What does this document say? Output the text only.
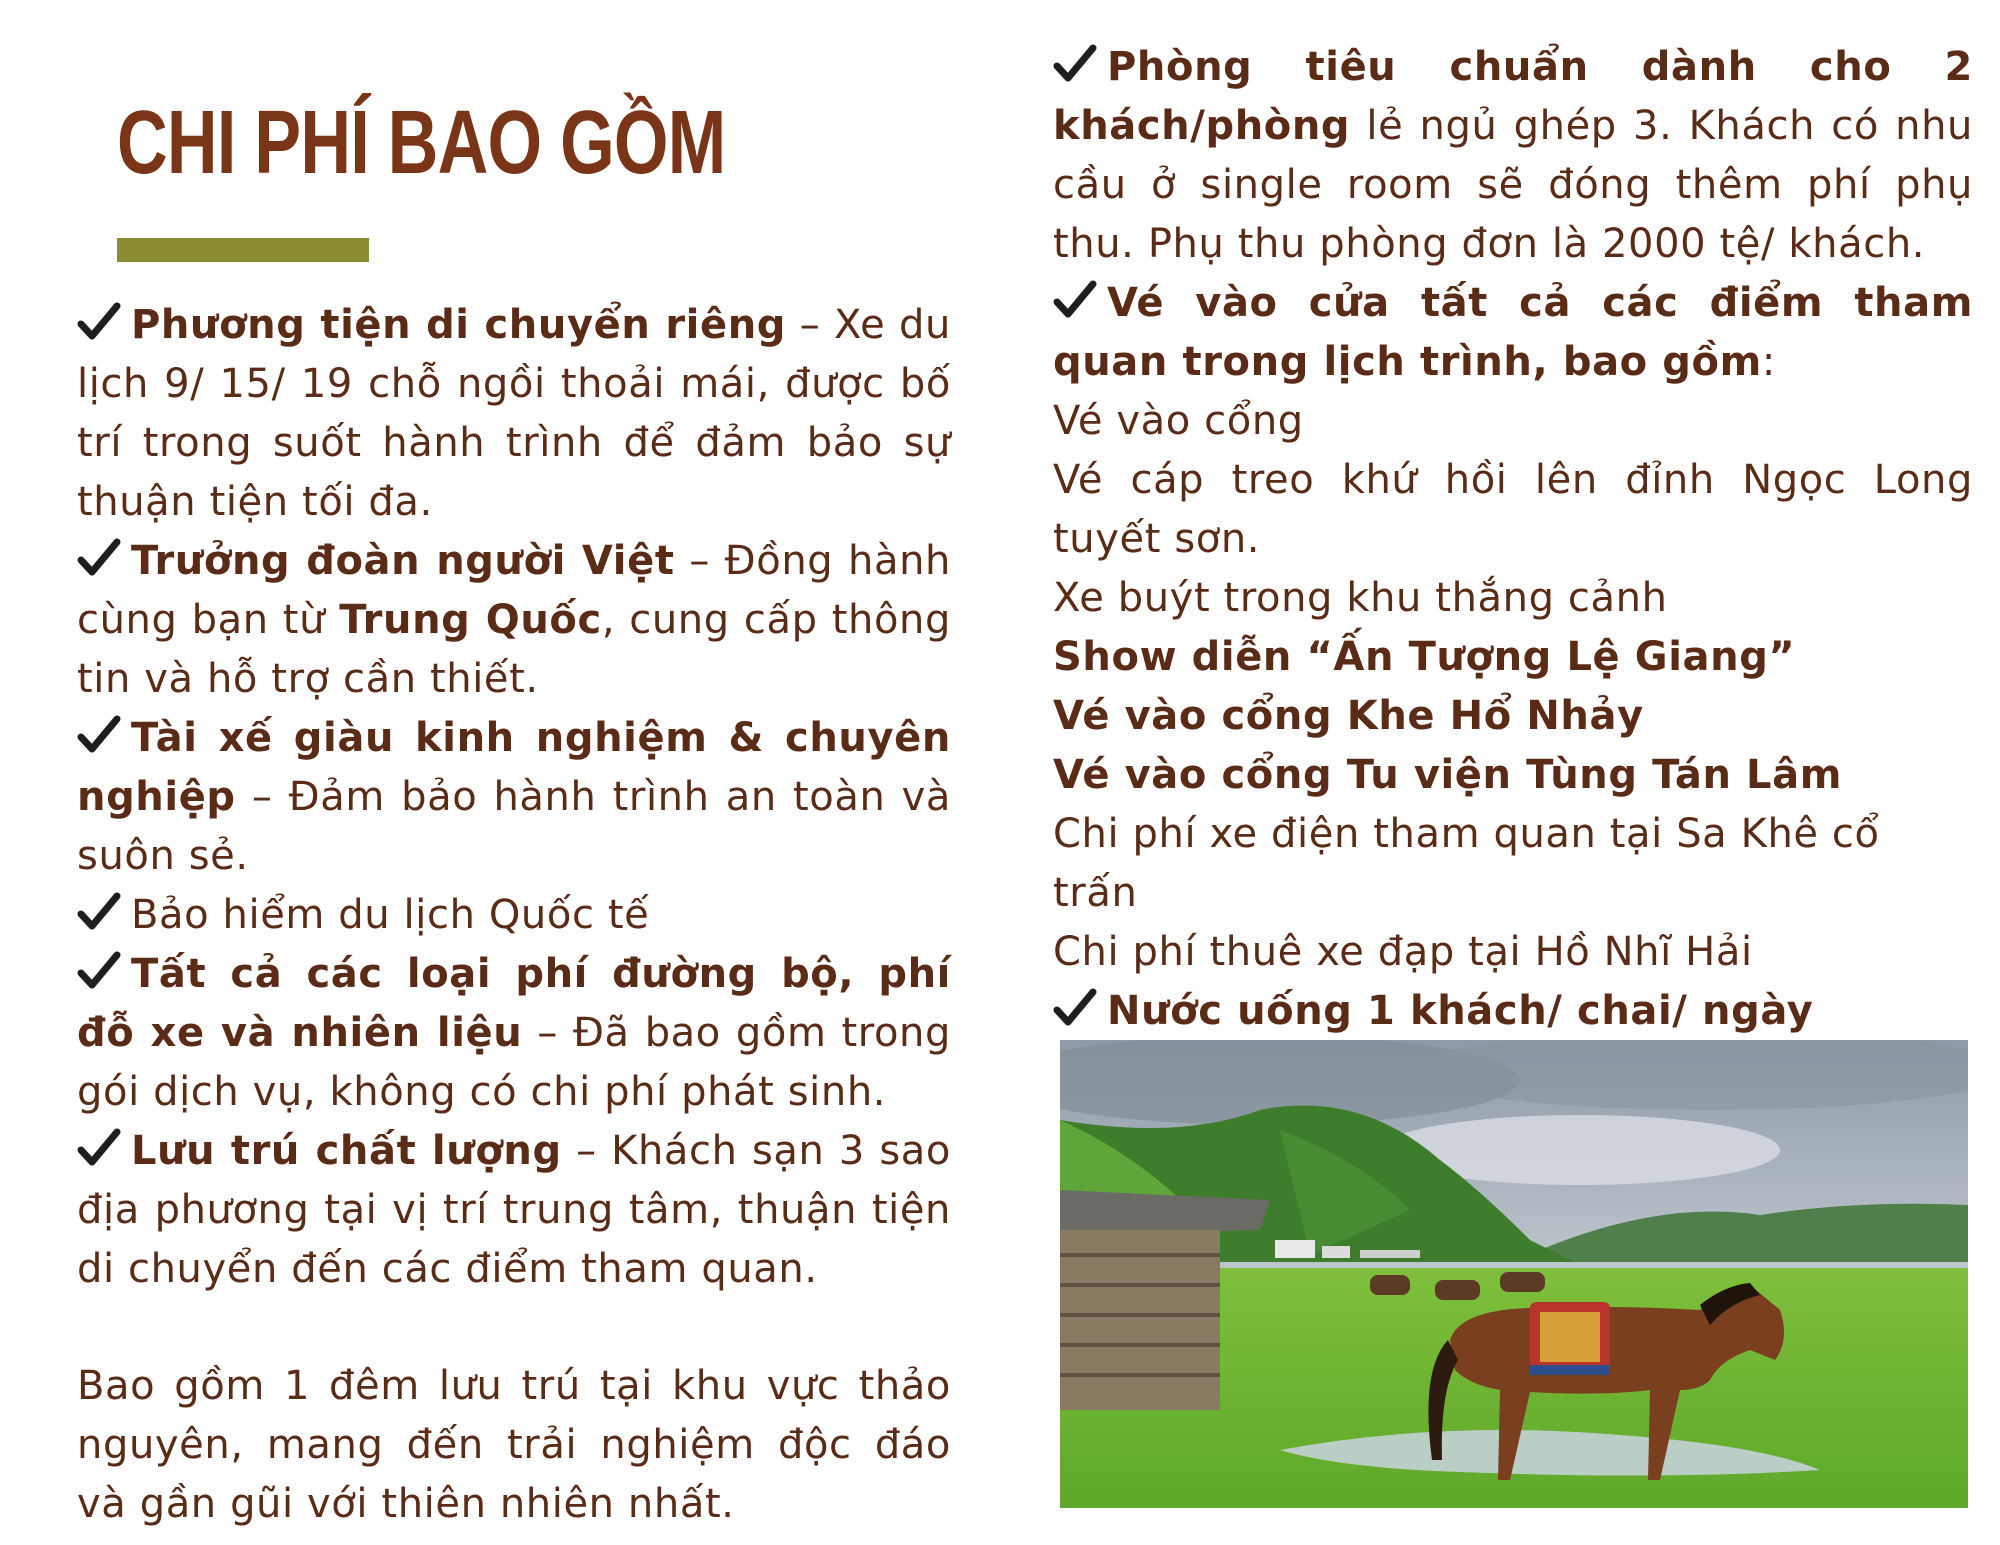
CHI PHÍ BAO GỒM

Phương tiện di chuyển riêng – Xe du lịch 9/ 15/ 19 chỗ ngồi thoải mái, được bố trí trong suốt hành trình để đảm bảo sự thuận tiện tối đa.

Trưởng đoàn người Việt – Đồng hành cùng bạn từ Trung Quốc, cung cấp thông tin và hỗ trợ cần thiết.

Tài xế giàu kinh nghiệm & chuyên nghiệp – Đảm bảo hành trình an toàn và suôn sẻ.

Bảo hiểm du lịch Quốc tế

Tất cả các loại phí đường bộ, phí đỗ xe và nhiên liệu – Đã bao gồm trong gói dịch vụ, không có chi phí phát sinh.

Lưu trú chất lượng – Khách sạn 3 sao địa phương tại vị trí trung tâm, thuận tiện di chuyển đến các điểm tham quan.

Bao gồm 1 đêm lưu trú tại khu vực thảo nguyên, mang đến trải nghiệm độc đáo và gần gũi với thiên nhiên nhất.

Phòng tiêu chuẩn dành cho 2 khách/phòng lẻ ngủ ghép 3. Khách có nhu cầu ở single room sẽ đóng thêm phí phụ thu. Phụ thu phòng đơn là 2000 tệ/ khách.

Vé vào cửa tất cả các điểm tham quan trong lịch trình, bao gồm:

Vé vào cổng

Vé cáp treo khứ hồi lên đỉnh Ngọc Long tuyết sơn.

Xe buýt trong khu thắng cảnh

Show diễn “Ấn Tượng Lệ Giang”

Vé vào cổng Khe Hổ Nhảy

Vé vào cổng Tu viện Tùng Tán Lâm

Chi phí xe điện tham quan tại Sa Khê cổ trấn

Chi phí thuê xe đạp tại Hồ Nhĩ Hải

Nước uống 1 khách/ chai/ ngày
